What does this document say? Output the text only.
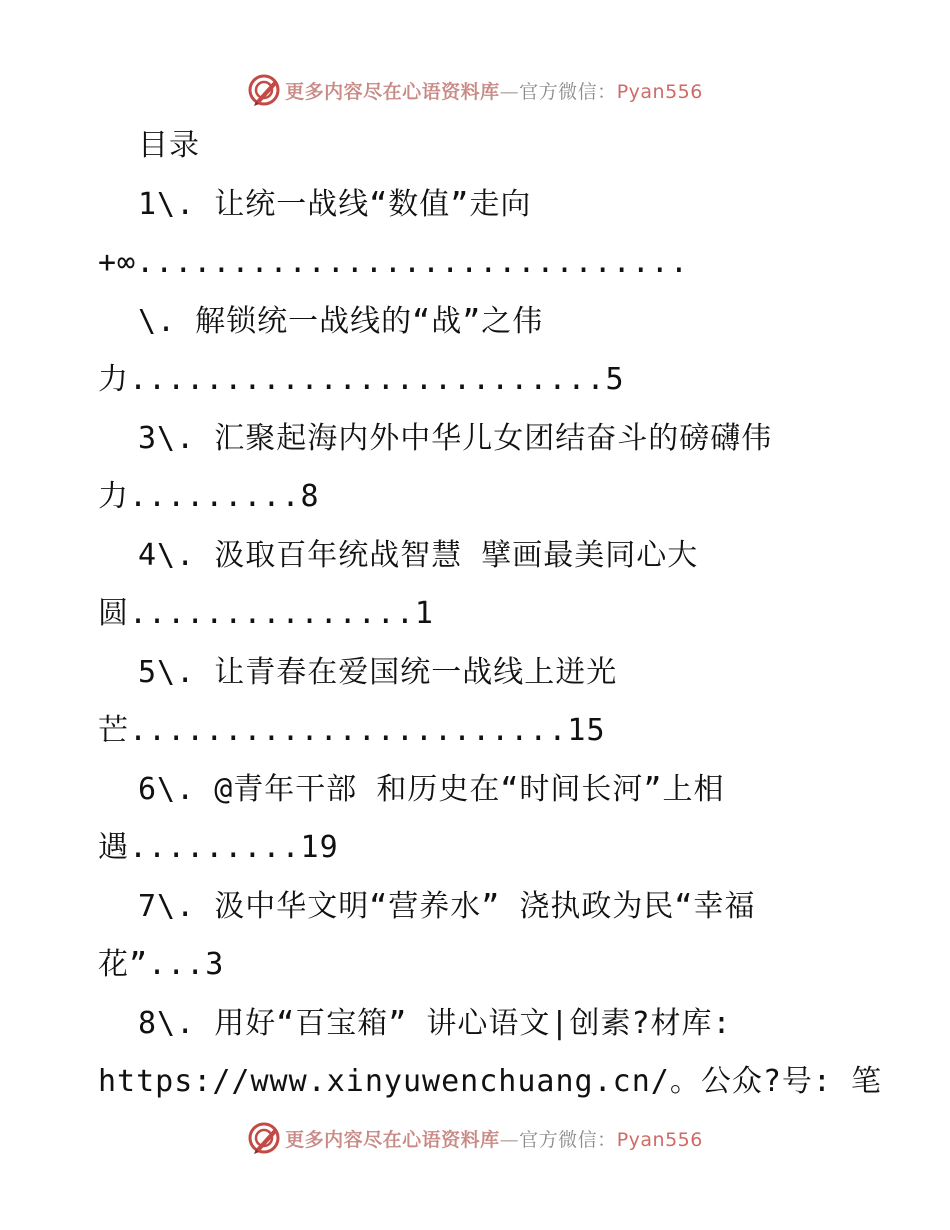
更多内容尽在心语资料库—官方微信：Pyan556
目录
1\. 让统一战线“数值”走向
+∞.............................
\. 解锁统一战线的“战”之伟
力.........................5
3\. 汇聚起海内外中华儿女团结奋斗的磅礴伟
力.........8
4\. 汲取百年统战智慧 擘画最美同心大
圆...............1
5\. 让青春在爱国统一战线上迸光
芒.......................15
6\. @青年干部 和历史在“时间长河”上相
遇.........19
7\. 汲中华文明“营养水” 浇执政为民“幸福
花”...3
8\. 用好“百宝箱” 讲心语文|创素?材库:
https://www.xinyuwenchuang.cn/。公众?号: 笔
更多内容尽在心语资料库—官方微信：Pyan556
